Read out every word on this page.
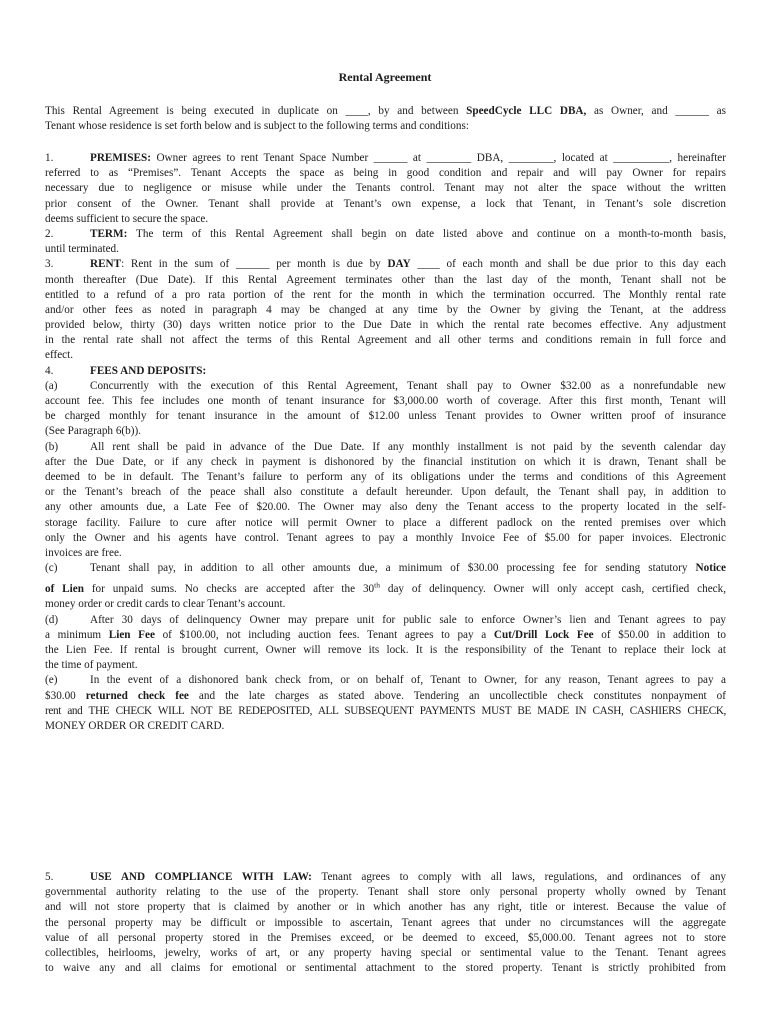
Rental Agreement
This Rental Agreement is being executed in duplicate on ____, by and between SpeedCycle LLC DBA, as Owner, and ______ as
Tenant whose residence is set forth below and is subject to the following terms and conditions:
1.	PREMISES: Owner agrees to rent Tenant Space Number ______ at ________ DBA, ________, located at __________, hereinafter
referred to as “Premises”. Tenant Accepts the space as being in good condition and repair and will pay Owner for repairs
necessary due to negligence or misuse while under the Tenants control. Tenant may not alter the space without the written
prior consent of the Owner. Tenant shall provide at Tenant’s own expense, a lock that Tenant, in Tenant’s sole discretion
deems sufficient to secure the space.
2.	TERM: The term of this Rental Agreement shall begin on date listed above and continue on a month-to-month basis,
until terminated.
3.	RENT: Rent in the sum of ______ per month is due by DAY ____ of each month and shall be due prior to this day each
month thereafter (Due Date). If this Rental Agreement terminates other than the last day of the month, Tenant shall not be
entitled to a refund of a pro rata portion of the rent for the month in which the termination occurred. The Monthly rental rate
and/or other fees as noted in paragraph 4 may be changed at any time by the Owner by giving the Tenant, at the address
provided below, thirty (30) days written notice prior to the Due Date in which the rental rate becomes effective. Any adjustment
in the rental rate shall not affect the terms of this Rental Agreement and all other terms and conditions remain in full force and
effect.
4.	FEES AND DEPOSITS:
(a)	Concurrently with the execution of this Rental Agreement, Tenant shall pay to Owner $32.00 as a nonrefundable new
account fee. This fee includes one month of tenant insurance for $3,000.00 worth of coverage. After this first month, Tenant will
be charged monthly for tenant insurance in the amount of $12.00 unless Tenant provides to Owner written proof of insurance
(See Paragraph 6(b)).
(b)	All rent shall be paid in advance of the Due Date. If any monthly installment is not paid by the seventh calendar day
after the Due Date, or if any check in payment is dishonored by the financial institution on which it is drawn, Tenant shall be
deemed to be in default. The Tenant’s failure to perform any of its obligations under the terms and conditions of this Agreement
or the Tenant’s breach of the peace shall also constitute a default hereunder. Upon default, the Tenant shall pay, in addition to
any other amounts due, a Late Fee of $20.00. The Owner may also deny the Tenant access to the property located in the self-
storage facility. Failure to cure after notice will permit Owner to place a different padlock on the rented premises over which
only the Owner and his agents have control. Tenant agrees to pay a monthly Invoice Fee of $5.00 for paper invoices. Electronic
invoices are free.
(c)	Tenant shall pay, in addition to all other amounts due, a minimum of $30.00 processing fee for sending statutory Notice
of Lien for unpaid sums. No checks are accepted after the 30th day of delinquency. Owner will only accept cash, certified check,
money order or credit cards to clear Tenant’s account.
(d)	After 30 days of delinquency Owner may prepare unit for public sale to enforce Owner’s lien and Tenant agrees to pay
a minimum Lien Fee of $100.00, not including auction fees. Tenant agrees to pay a Cut/Drill Lock Fee of $50.00 in addition to
the Lien Fee. If rental is brought current, Owner will remove its lock. It is the responsibility of the Tenant to replace their lock at
the time of payment.
(e)	In the event of a dishonored bank check from, or on behalf of, Tenant to Owner, for any reason, Tenant agrees to pay a
$30.00 returned check fee and the late charges as stated above. Tendering an uncollectible check constitutes nonpayment of
rent and THE CHECK WILL NOT BE REDEPOSITED, ALL SUBSEQUENT PAYMENTS MUST BE MADE IN CASH, CASHIERS CHECK,
MONEY ORDER OR CREDIT CARD.
5.	USE AND COMPLIANCE WITH LAW: Tenant agrees to comply with all laws, regulations, and ordinances of any
governmental authority relating to the use of the property. Tenant shall store only personal property wholly owned by Tenant
and will not store property that is claimed by another or in which another has any right, title or interest. Because the value of
the personal property may be difficult or impossible to ascertain, Tenant agrees that under no circumstances will the aggregate
value of all personal property stored in the Premises exceed, or be deemed to exceed, $5,000.00. Tenant agrees not to store
collectibles, heirlooms, jewelry, works of art, or any property having special or sentimental value to the Tenant. Tenant agrees
to waive any and all claims for emotional or sentimental attachment to the stored property. Tenant is strictly prohibited from
